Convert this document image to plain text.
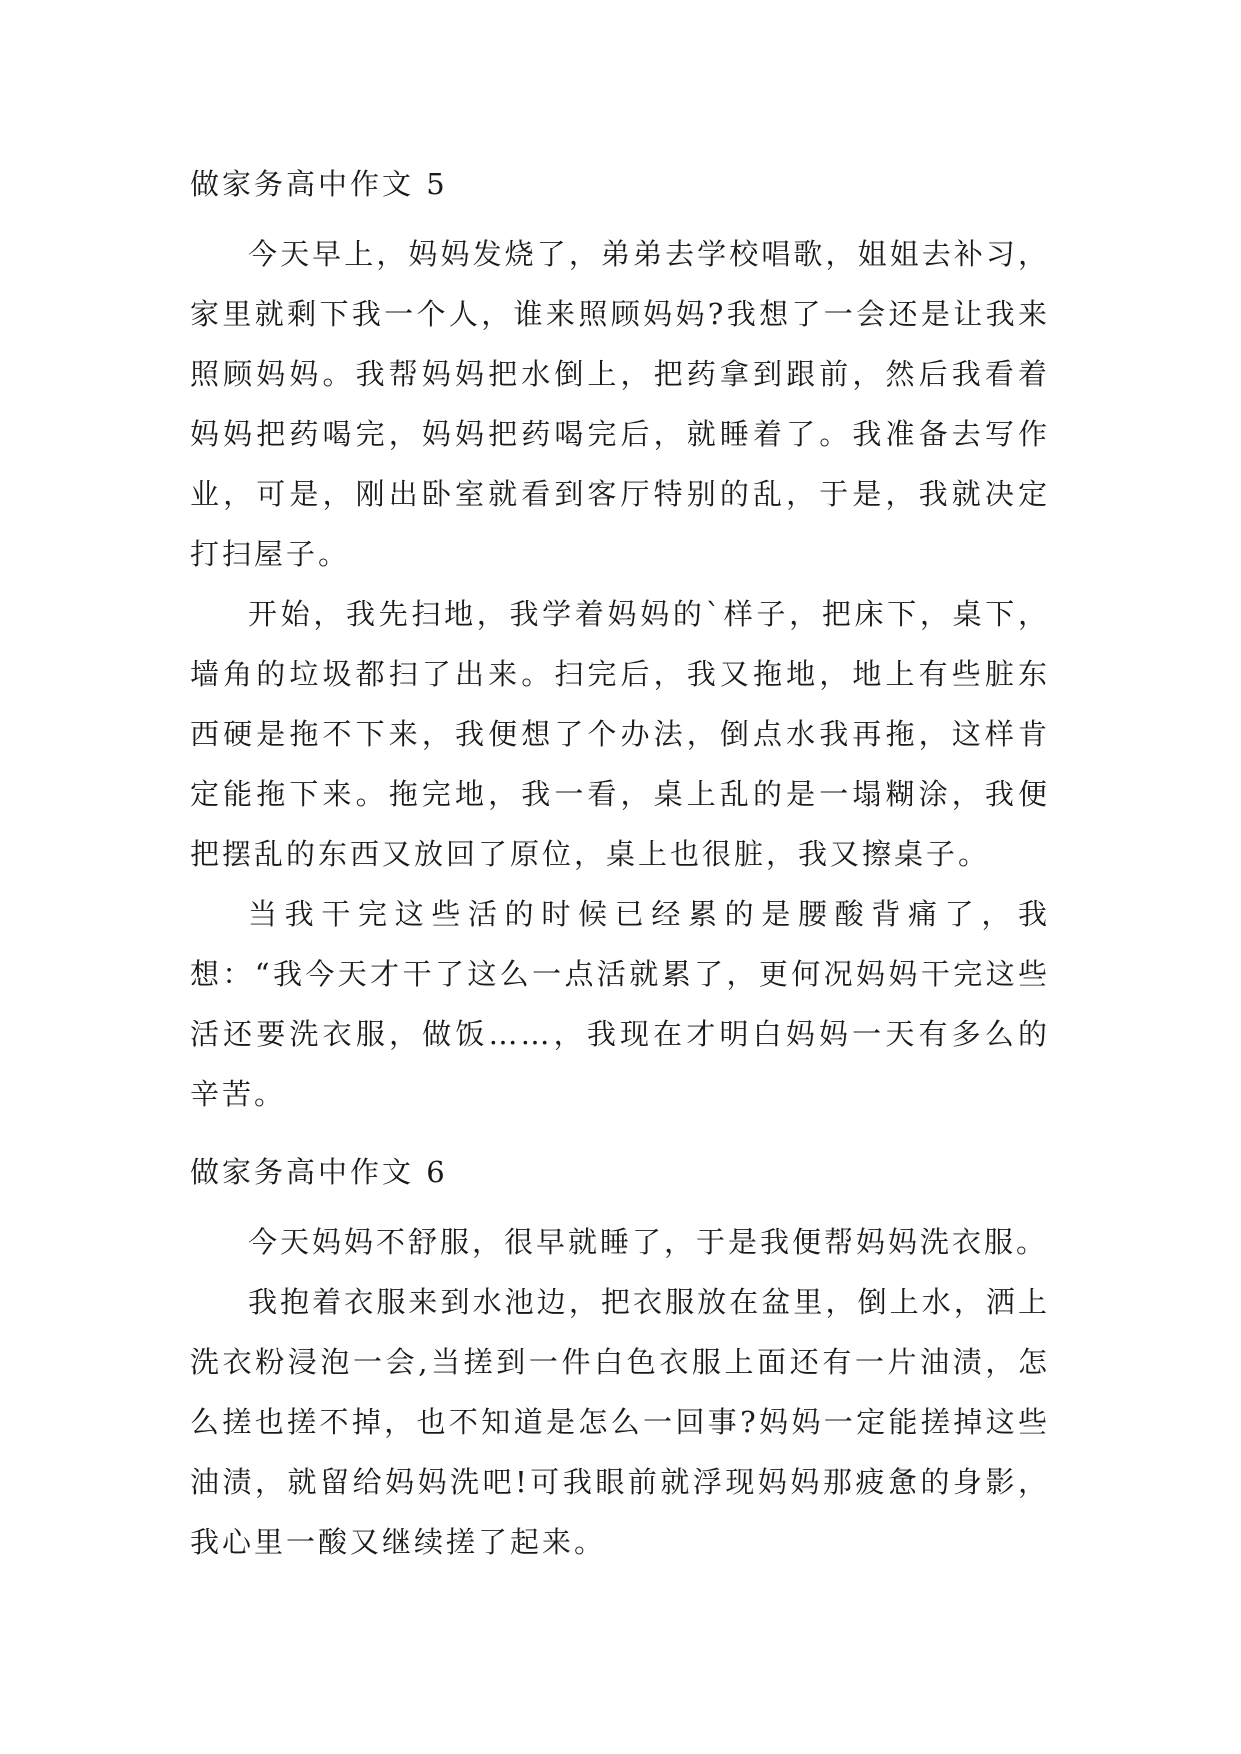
做家务高中作文 5

今天早上，妈妈发烧了，弟弟去学校唱歌，姐姐去补习，家里就剩下我一个人，谁来照顾妈妈?我想了一会还是让我来照顾妈妈。我帮妈妈把水倒上，把药拿到跟前，然后我看着妈妈把药喝完，妈妈把药喝完后，就睡着了。我准备去写作业，可是，刚出卧室就看到客厅特别的乱，于是，我就决定打扫屋子。

开始，我先扫地，我学着妈妈的`样子，把床下，桌下，墙角的垃圾都扫了出来。扫完后，我又拖地，地上有些脏东西硬是拖不下来，我便想了个办法，倒点水我再拖，这样肯定能拖下来。拖完地，我一看，桌上乱的是一塌糊涂，我便把摆乱的东西又放回了原位，桌上也很脏，我又擦桌子。

当我干完这些活的时候已经累的是腰酸背痛了，我想：“我今天才干了这么一点活就累了，更何况妈妈干完这些活还要洗衣服，做饭……，我现在才明白妈妈一天有多么的辛苦。

做家务高中作文 6

今天妈妈不舒服，很早就睡了，于是我便帮妈妈洗衣服。

我抱着衣服来到水池边，把衣服放在盆里，倒上水，洒上洗衣粉浸泡一会,当搓到一件白色衣服上面还有一片油渍，怎么搓也搓不掉，也不知道是怎么一回事?妈妈一定能搓掉这些油渍，就留给妈妈洗吧!可我眼前就浮现妈妈那疲惫的身影，我心里一酸又继续搓了起来。
